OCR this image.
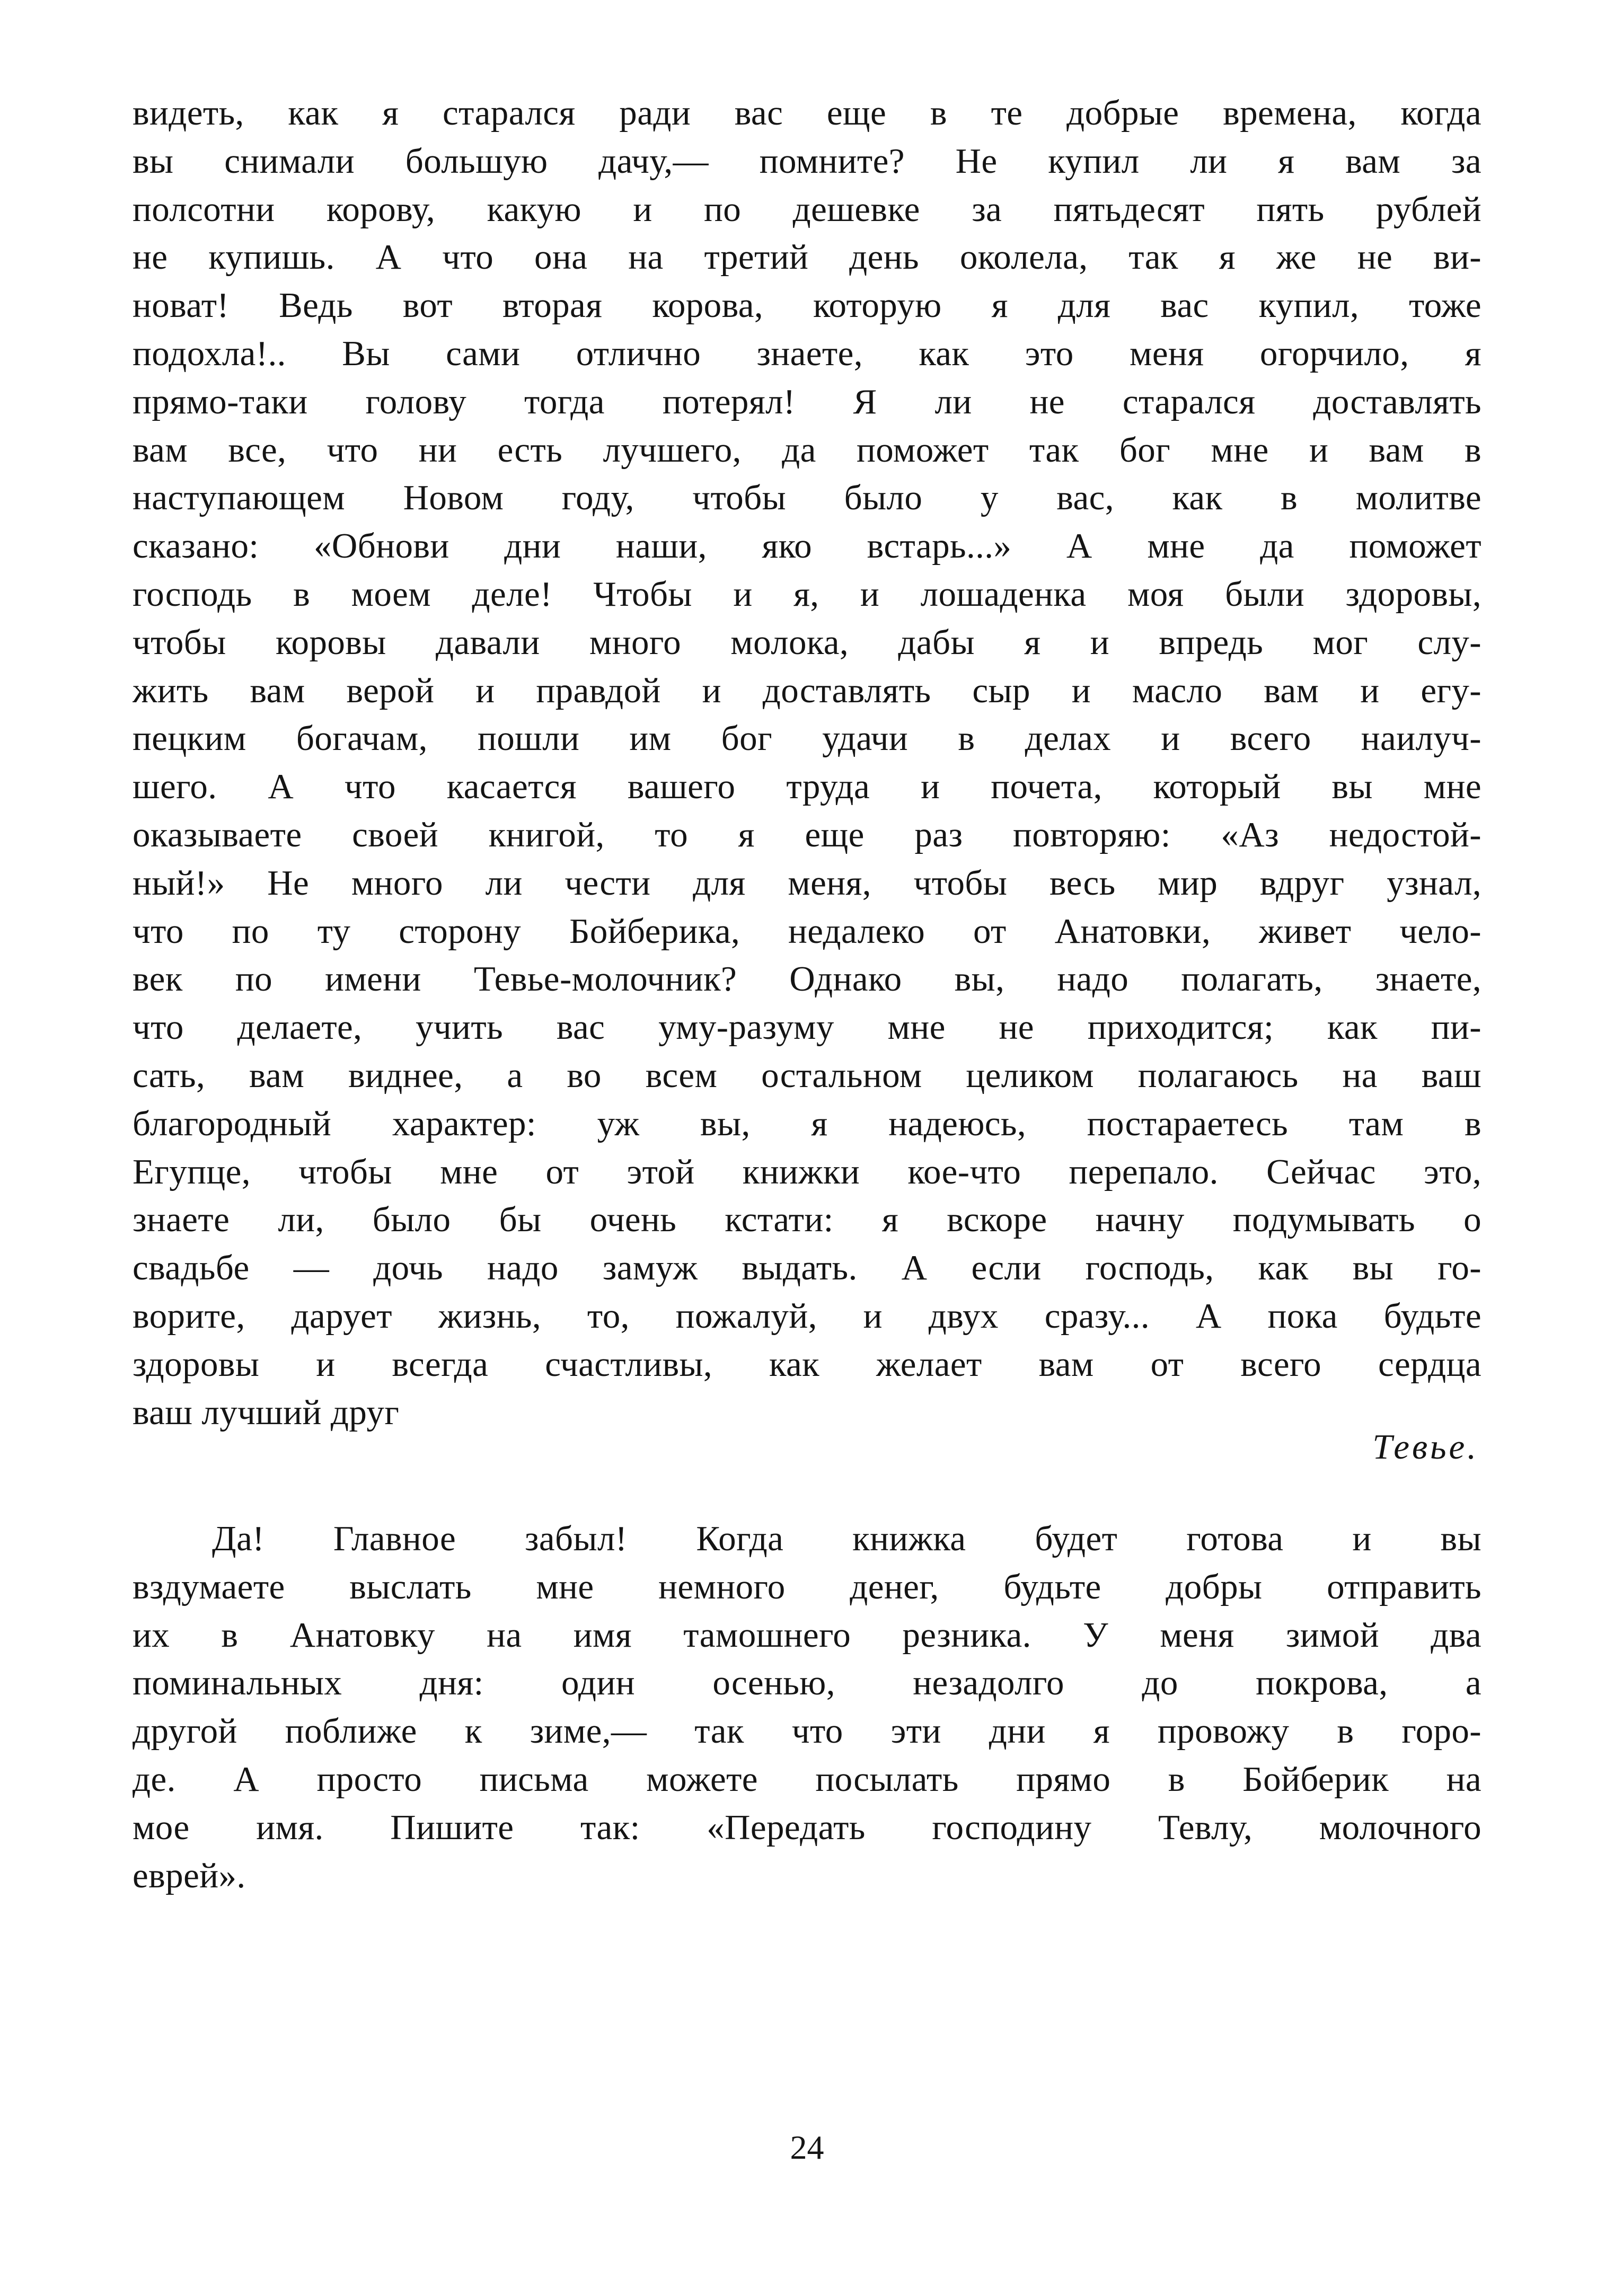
видеть, как я старался ради вас еще в те добрые времена, когда
вы снимали большую дачу,— помните? Не купил ли я вам за
полсотни корову, какую и по дешевке за пятьдесят пять рублей
не купишь. А что она на третий день околела, так я же не ви-
новат! Ведь вот вторая корова, которую я для вас купил, тоже
подохла!.. Вы сами отлично знаете, как это меня огорчило, я
прямо-таки голову тогда потерял! Я ли не старался доставлять
вам все, что ни есть лучшего, да поможет так бог мне и вам в
наступающем Новом году, чтобы было у вас, как в молитве
сказано: «Обнови дни наши, яко встарь...» А мне да поможет
господь в моем деле! Чтобы и я, и лошаденка моя были здоровы,
чтобы коровы давали много молока, дабы я и впредь мог слу-
жить вам верой и правдой и доставлять сыр и масло вам и егу-
пецким богачам, пошли им бог удачи в делах и всего наилуч-
шего. А что касается вашего труда и почета, который вы мне
оказываете своей книгой, то я еще раз повторяю: «Аз недостой-
ный!» Не много ли чести для меня, чтобы весь мир вдруг узнал,
что по ту сторону Бойберика, недалеко от Анатовки, живет чело-
век по имени Тевье-молочник? Однако вы, надо полагать, знаете,
что делаете, учить вас уму-разуму мне не приходится; как пи-
сать, вам виднее, а во всем остальном целиком полагаюсь на ваш
благородный характер: уж вы, я надеюсь, постараетесь там в
Егупце, чтобы мне от этой книжки кое-что перепало. Сейчас это,
знаете ли, было бы очень кстати: я вскоре начну подумывать о
свадьбе — дочь надо замуж выдать. А если господь, как вы го-
ворите, дарует жизнь, то, пожалуй, и двух сразу... А пока будьте
здоровы и всегда счастливы, как желает вам от всего сердца
ваш лучший друг
Тевье.
Да! Главное забыл! Когда книжка будет готова и вы
вздумаете выслать мне немного денег, будьте добры отправить
их в Анатовку на имя тамошнего резника. У меня зимой два
поминальных дня: один осенью, незадолго до покрова, а
другой поближе к зиме,— так что эти дни я провожу в горо-
де. А просто письма можете посылать прямо в Бойберик на
мое имя. Пишите так: «Передать господину Тевлу, молочного
еврей».
24
